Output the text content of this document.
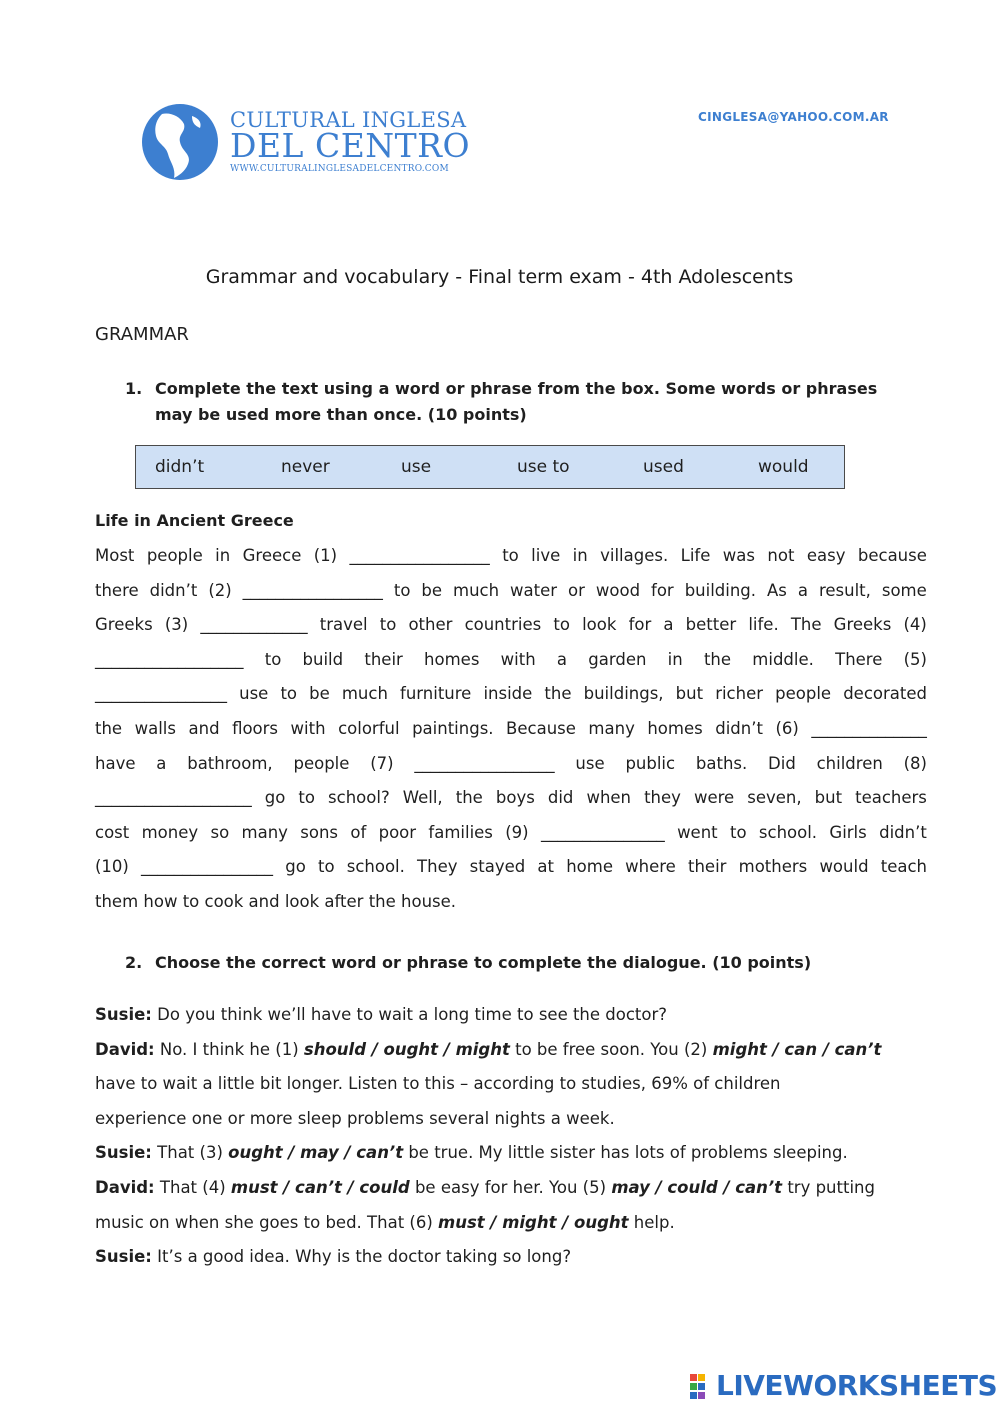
CULTURAL INGLESA
DEL CENTRO
WWW.CULTURALINGLESADELCENTRO.COM
CINGLESA@YAHOO.COM.AR
Grammar and vocabulary - Final term exam - 4th Adolescents
GRAMMAR
1. Complete the text using a word or phrase from the box. Some words or phrases
may be used more than once. (10 points)
didn’t	never	use	use to	used	would
Life in Ancient Greece
Most people in Greece (1) _________________ to live in villages. Life was not easy because
there didn’t (2) _________________ to be much water or wood for building. As a result, some
Greeks (3) _____________ travel to other countries to look for a better life. The Greeks (4)
__________________ to build their homes with a garden in the middle. There (5)
________________ use to be much furniture inside the buildings, but richer people decorated
the walls and floors with colorful paintings. Because many homes didn’t (6) ______________
have a bathroom, people (7) _________________ use public baths. Did children (8)
___________________ go to school? Well, the boys did when they were seven, but teachers
cost money so many sons of poor families (9) _______________ went to school. Girls didn’t
(10) ________________ go to school. They stayed at home where their mothers would teach
them how to cook and look after the house.
2. Choose the correct word or phrase to complete the dialogue. (10 points)
Susie: Do you think we’ll have to wait a long time to see the doctor?
David: No. I think he (1) should / ought / might to be free soon. You (2) might / can / can’t
have to wait a little bit longer. Listen to this – according to studies, 69% of children
experience one or more sleep problems several nights a week.
Susie: That (3) ought / may / can’t be true. My little sister has lots of problems sleeping.
David: That (4) must / can’t / could be easy for her. You (5) may / could / can’t try putting
music on when she goes to bed. That (6) must / might / ought help.
Susie: It’s a good idea. Why is the doctor taking so long?
LIVEWORKSHEETS
